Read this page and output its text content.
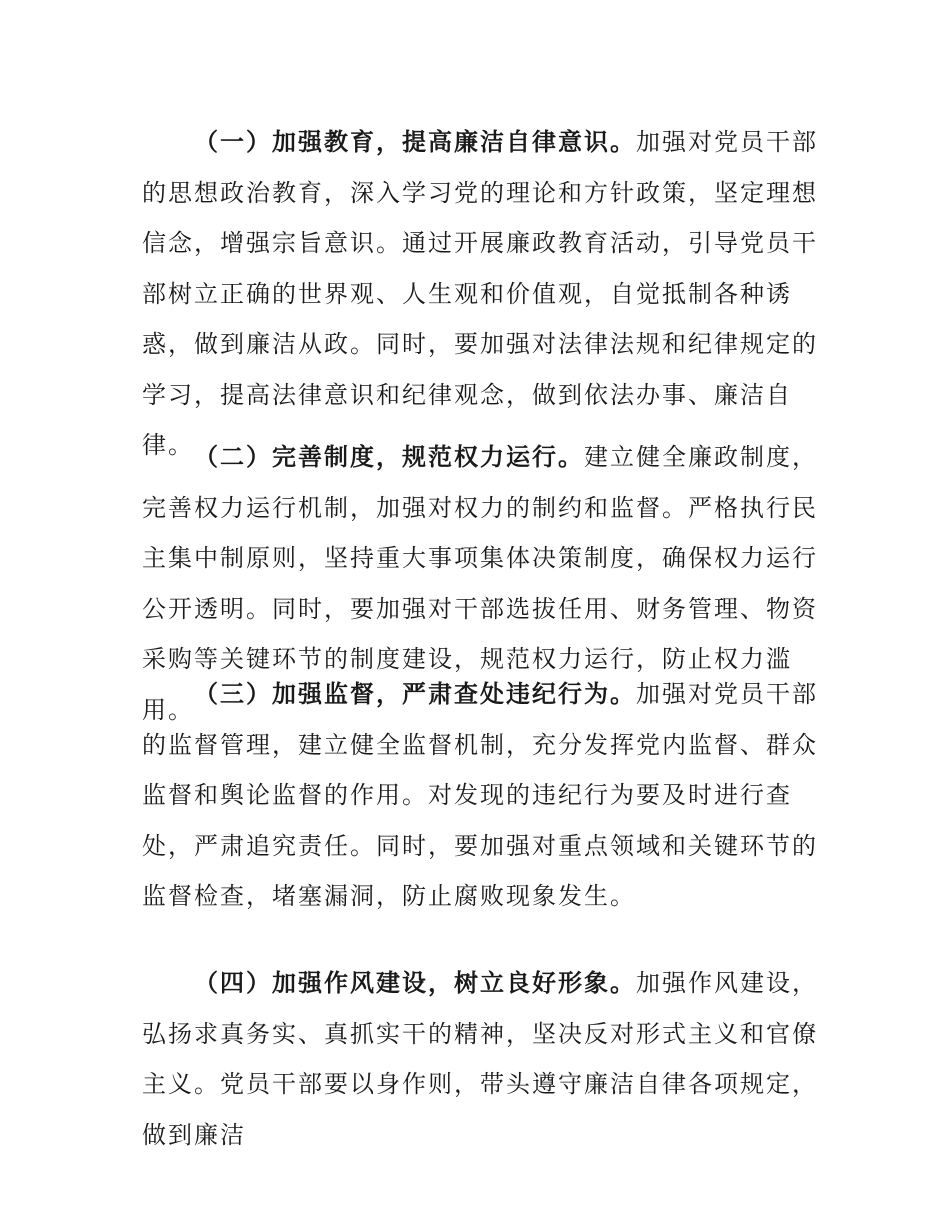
（一）加强教育，提高廉洁自律意识。加强对党员干部的思想政治教育，深入学习党的理论和方针政策，坚定理想信念，增强宗旨意识。通过开展廉政教育活动，引导党员干部树立正确的世界观、人生观和价值观，自觉抵制各种诱惑，做到廉洁从政。同时，要加强对法律法规和纪律规定的学习，提高法律意识和纪律观念，做到依法办事、廉洁自律。 （二）完善制度，规范权力运行。建立健全廉政制度，完善权力运行机制，加强对权力的制约和监督。严格执行民主集中制原则，坚持重大事项集体决策制度，确保权力运行公开透明。同时，要加强对干部选拔任用、财务管理、物资采购等关键环节的制度建设，规范权力运行，防止权力滥用。

（三）加强监督，严肃查处违纪行为。加强对党员干部的监督管理，建立健全监督机制，充分发挥党内监督、群众监督和舆论监督的作用。对发现的违纪行为要及时进行查处，严肃追究责任。同时，要加强对重点领域和关键环节的监督检查，堵塞漏洞，防止腐败现象发生。

（四）加强作风建设，树立良好形象。加强作风建设，弘扬求真务实、真抓实干的精神，坚决反对形式主义和官僚主义。党员干部要以身作则，带头遵守廉洁自律各项规定，做到廉洁
